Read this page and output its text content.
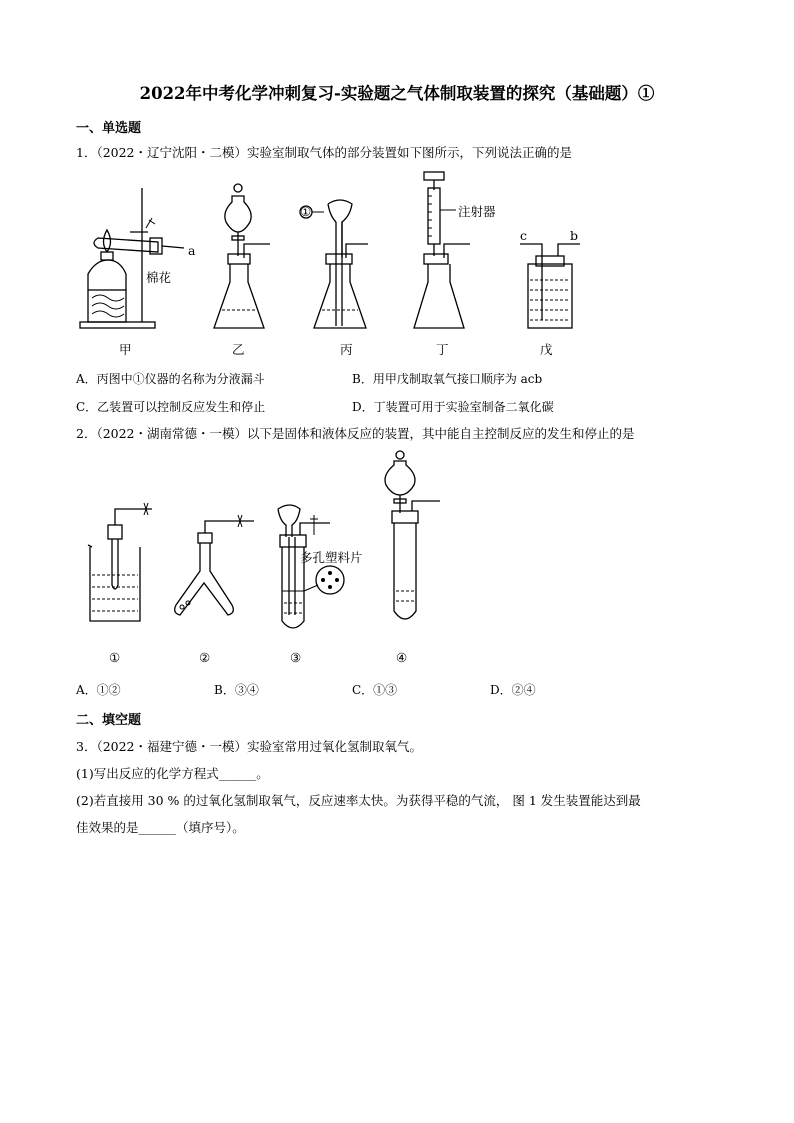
2022年中考化学冲刺复习-实验题之气体制取装置的探究（基础题）①
一、单选题
1．（2022・辽宁沈阳・二模）实验室制取气体的部分装置如下图所示，下列说法正确的是
a
棉花
①	注射器
c	b
甲	乙	丙	丁	戊
A．丙图中①仪器的名称为分液漏斗	B．用甲戊制取氧气接口顺序为 acb
C．乙装置可以控制反应发生和停止	D．丁装置可用于实验室制备二氧化碳
2．（2022・湖南常德・一模）以下是固体和液体反应的装置，其中能自主控制反应的发生和停止的是
多孔塑料片
①	②	③	④
A．①②	B．③④	C．①③	D．②④
二、填空题
3．（2022・福建宁德・一模）实验室常用过氧化氢制取氧气。
(1)写出反应的化学方程式______。
(2)若直接用 30 % 的过氧化氢制取氧气，反应速率太快。为获得平稳的气流， 图 1 发生装置能达到最
佳效果的是______（填序号）。
